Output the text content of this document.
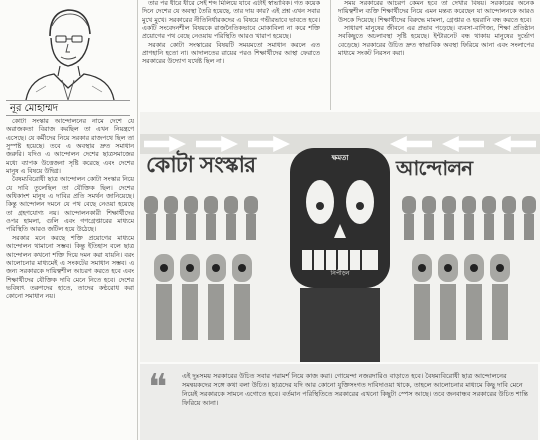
নূর মোহাম্মদ

কোটা সংস্কার আন্দোলনের নামে দেশে যে অরাজকতা বিরাজ করছিল তা এখন নিয়ন্ত্রণে এসেছে। যে কর্মীদের নিয়ে সরকার রাজপথে ছিল তা সুস্পষ্ট হয়েছে। তবে এ অবস্থার দ্রুত সমাধান জরুরি। যদিও এ আন্দোলন দেশের ছাত্রসমাজের মধ্যে ব্যাপক উত্তেজনা সৃষ্টি করেছে এবং দেশের মানুষ এ বিষয়ে উদ্বিগ্ন।

বৈষম্যবিরোধী ছাত্র আন্দোলন কোটা সংস্কার নিয়ে যে দাবি তুলেছিল তা যৌক্তিক ছিল। দেশের অধিকাংশ মানুষ এ দাবির প্রতি সমর্থন জানিয়েছে। কিন্তু আন্দোলন দমনে যে পথ বেছে নেওয়া হয়েছে তা গ্রহণযোগ্য নয়। আন্দোলনকারী শিক্ষার্থীদের ওপর হামলা, গুলি এবং গণগ্রেপ্তারের মাধ্যমে পরিস্থিতি আরও জটিল হয়ে উঠেছে।

সরকার মনে করছে শক্তি প্রয়োগের মাধ্যমে আন্দোলন থামানো সম্ভব। কিন্তু ইতিহাস বলে ছাত্র আন্দোলন কখনো শক্তি দিয়ে দমন করা যায়নি। বরং আলোচনার মাধ্যমেই এ সংকটের সমাধান সম্ভব। এ জন্য সরকারকে দায়িত্বশীল আচরণ করতে হবে এবং শিক্ষার্থীদের যৌক্তিক দাবি মেনে নিতে হবে। দেশের ভবিষ্যৎ তরুণদের হাতে, তাদের কণ্ঠরোধ করা কোনো সমাধান নয়।

তার পর ধীরে ধীরে সেই শব্দ মিলিয়ে যাবে এটাই স্বাভাবিক। গত কয়েক দিনে দেশের যে অবস্থা তৈরি হয়েছে, তার দায় কার? এই প্রশ্ন এখন সবার মুখে মুখে। সরকারের নীতিনির্ধারকদের এ বিষয়ে গভীরভাবে ভাবতে হবে। একটি সংবেদনশীল বিষয়কে রাজনৈতিকভাবে মোকাবিলা না করে শক্তি প্রয়োগের পথ বেছে নেওয়ায় পরিস্থিতি আরও খারাপ হয়েছে।

সরকার কোটা সংস্কারের বিষয়টি সময়মতো সমাধান করলে এত প্রাণহানি হতো না। আদালতের রায়ের পরও শিক্ষার্থীদের আস্থা ফেরাতে সরকারের উদ্যোগ যথেষ্ট ছিল না।

সময় সরকারের আচরণ কেমন হবে তা দেখার বিষয়। সরকারের অনেক দায়িত্বশীল ব্যক্তি শিক্ষার্থীদের নিয়ে এমন মন্তব্য করেছেন যা আন্দোলনকে আরও উসকে দিয়েছে। শিক্ষার্থীদের বিরুদ্ধে মামলা, গ্রেপ্তার ও হয়রানি বন্ধ করতে হবে।

সাধারণ মানুষের জীবনে এর প্রভাব পড়েছে। ব্যবসা-বাণিজ্য, শিক্ষা প্রতিষ্ঠান সবকিছুতে অচলাবস্থা সৃষ্টি হয়েছে। ইন্টারনেট বন্ধ থাকায় মানুষের দুর্ভোগ বেড়েছে। সরকারের উচিত দ্রুত স্বাভাবিক অবস্থা ফিরিয়ে আনা এবং সংলাপের মাধ্যমে সংকট নিরসন করা।

কোটা সংস্কার	আন্দোলন
ক্ষমতা
নিপীড়ন
❝ এই দুঃসময় সরকারের উচিত সবার পরামর্শ নিয়ে কাজ করা। গোয়েন্দা নজরদারিও বাড়াতে হবে। বৈষম্যবিরোধী ছাত্র আন্দোলনের সমন্বয়কদের সঙ্গে কথা বলা উচিত। ছাত্রদের যদি আর কোনো যুক্তিসংগত দাবিদাওয়া থাকে, তাহলে আলোচনার মাধ্যমে কিছু দাবি মেনে নিয়েই সরকারকে সামনে এগোতে হবে। বর্তমান পরিস্থিতিতে সরকারের এখনো কিছুটা স্পেস আছে। তবে জনবান্ধব সরকারের উচিত শান্তি ফিরিয়ে আনা।
